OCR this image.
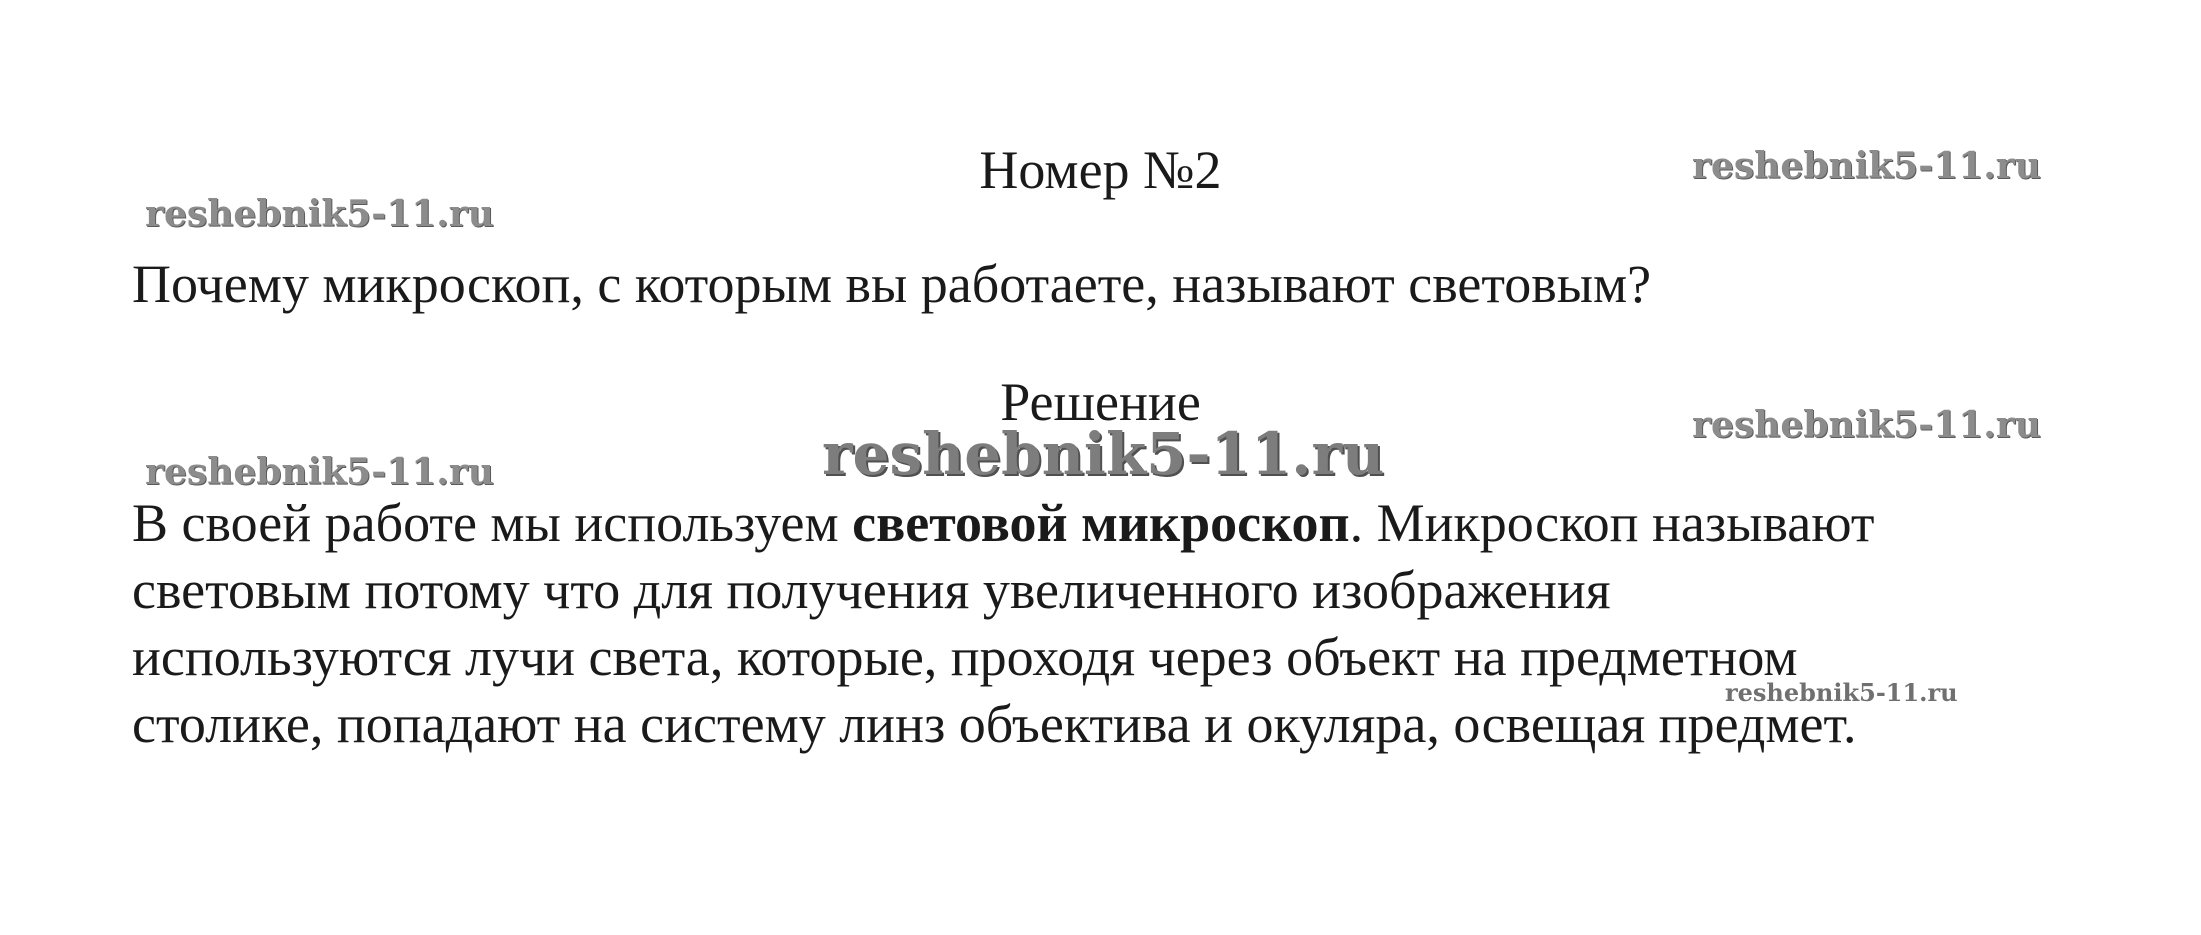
Номер №2
Почему микроскоп, с которым вы работаете, называют световым?
Решение
В своей работе мы используем световой микроскоп. Микроскоп называют
световым потому что для получения увеличенного изображения
используются лучи света, которые, проходя через объект на предметном
столике, попадают на систему линз объектива и окуляра, освещая предмет.
reshebnik5-11.ru
reshebnik5-11.ru
reshebnik5-11.ru
reshebnik5-11.ru	reshebnik5-11.ru
reshebnik5-11.ru
